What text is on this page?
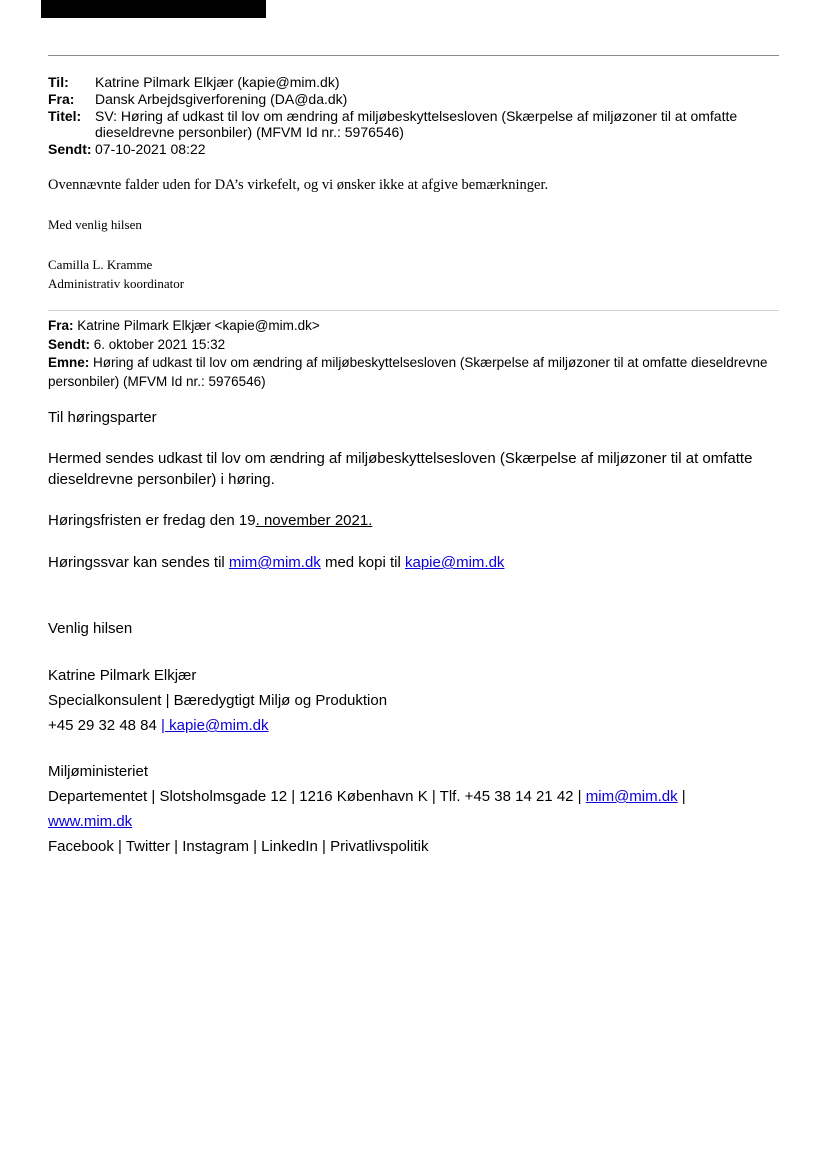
Til:	Katrine Pilmark Elkjær (kapie@mim.dk)
Fra:	Dansk Arbejdsgiverforening (DA@da.dk)
Titel: SV: Høring af udkast til lov om ændring af miljøbeskyttelsesloven (Skærpelse af miljøzoner til at omfatte dieseldrevne personbiler) (MFVM Id nr.: 5976546)
Sendt: 07-10-2021 08:22
Ovennævnte falder uden for DA’s virkefelt, og vi ønsker ikke at afgive bemærkninger.
Med venlig hilsen
Camilla L. Kramme
Administrativ koordinator
Fra: Katrine Pilmark Elkjær <kapie@mim.dk>
Sendt: 6. oktober 2021 15:32
Emne: Høring af udkast til lov om ændring af miljøbeskyttelsesloven (Skærpelse af miljøzoner til at omfatte dieseldrevne personbiler) (MFVM Id nr.: 5976546)
Til høringsparter
Hermed sendes udkast til lov om ændring af miljøbeskyttelsesloven (Skærpelse af miljøzoner til at omfatte dieseldrevne personbiler) i høring.
Høringsfristen er fredag den 19. november 2021.
Høringssvar kan sendes til mim@mim.dk med kopi til kapie@mim.dk
Venlig hilsen
Katrine Pilmark Elkjær
Specialkonsulent | Bæredygtigt Miljø og Produktion
+45 29 32 48 84 | kapie@mim.dk
Miljøministeriet
Departementet | Slotsholmsgade 12 | 1216 København K | Tlf. +45 38 14 21 42 | mim@mim.dk |
www.mim.dk
Facebook | Twitter | Instagram | LinkedIn | Privatlivspolitik
